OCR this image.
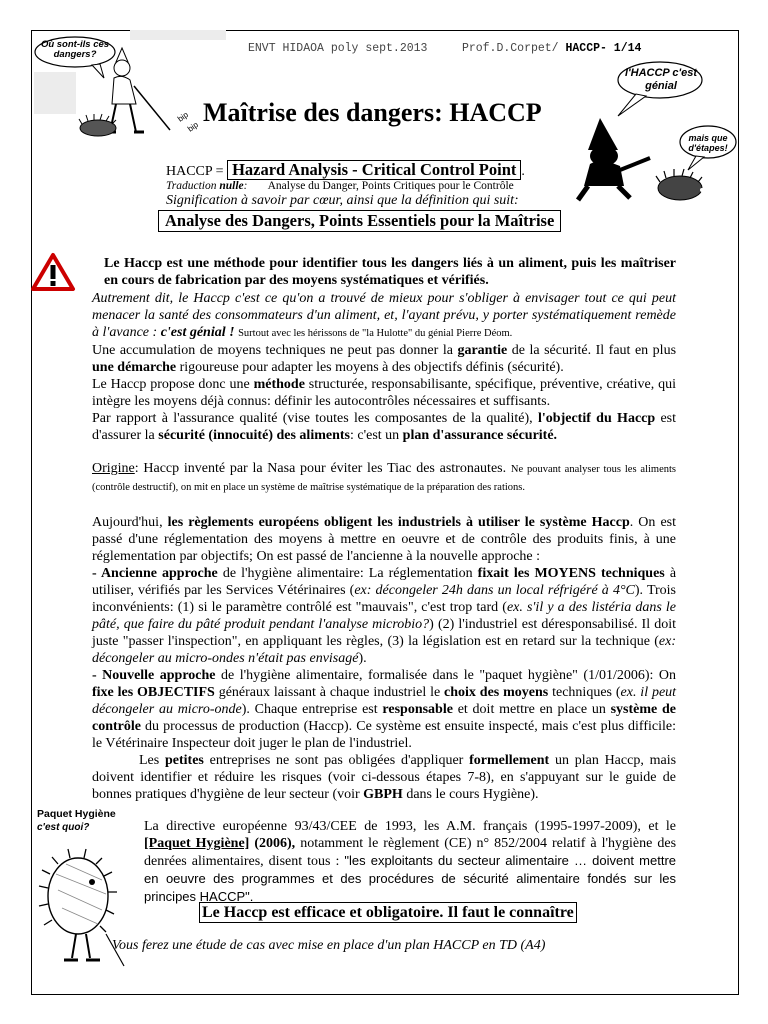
ENVT HIDAOA poly sept.2013	Prof.D.Corpet/ HACCP- 1/14
bip
bip
Où sont-ils ces dangers?
Maîtrise des dangers: HACCP
l'HACCP c'est génial
mais que d'étapes!
HACCP = Hazard Analysis - Critical Control Point .
Traduction nulle: Analyse du Danger, Points Critiques pour le Contrôle
Signification à savoir par cœur, ainsi que la définition qui suit:
Analyse des Dangers, Points Essentiels pour la Maîtrise
Le Haccp est une méthode pour identifier tous les dangers liés à un aliment, puis les maîtriser en cours de fabrication par des moyens systématiques et vérifiés.

Autrement dit, le Haccp c'est ce qu'on a trouvé de mieux pour s'obliger à envisager tout ce qui peut menacer la santé des consommateurs d'un aliment, et, l'ayant prévu, y porter systématiquement remède à l'avance : c'est génial ! Surtout avec les hérissons de "la Hulotte" du génial Pierre Déom.

Une accumulation de moyens techniques ne peut pas donner la garantie de la sécurité. Il faut en plus une démarche rigoureuse pour adapter les moyens à des objectifs définis (sécurité).

Le Haccp propose donc une méthode structurée, responsabilisante, spécifique, préventive, créative, qui intègre les moyens déjà connus: définir les autocontrôles nécessaires et suffisants.

Par rapport à l'assurance qualité (vise toutes les composantes de la qualité), l'objectif du Haccp est d'assurer la sécurité (innocuité) des aliments: c'est un plan d'assurance sécurité.

Origine: Haccp inventé par la Nasa pour éviter les Tiac des astronautes. Ne pouvant analyser tous les aliments (contrôle destructif), on mit en place un système de maîtrise systématique de la préparation des rations.

Aujourd'hui, les règlements européens obligent les industriels à utiliser le système Haccp. On est passé d'une réglementation des moyens à mettre en oeuvre et de contrôle des produits finis, à une réglementation par objectifs; On est passé de l'ancienne à la nouvelle approche :

- Ancienne approche de l'hygiène alimentaire: La réglementation fixait les MOYENS techniques à utiliser, vérifiés par les Services Vétérinaires (ex: décongeler 24h dans un local réfrigéré à 4°C). Trois inconvénients: (1) si le paramètre contrôlé est "mauvais", c'est trop tard (ex. s'il y a des listéria dans le pâté, que faire du pâté produit pendant l'analyse microbio?) (2) l'industriel est déresponsabilisé. Il doit juste "passer l'inspection", en appliquant les règles, (3) la législation est en retard sur la technique (ex: décongeler au micro-ondes n'était pas envisagé).

- Nouvelle approche de l'hygiène alimentaire, formalisée dans le "paquet hygiène" (1/01/2006): On fixe les OBJECTIFS généraux laissant à chaque industriel le choix des moyens techniques (ex. il peut décongeler au micro-onde). Chaque entreprise est responsable et doit mettre en place un système de contrôle du processus de production (Haccp). Ce système est ensuite inspecté, mais c'est plus difficile: le Vétérinaire Inspecteur doit juger le plan de l'industriel.

Les petites entreprises ne sont pas obligées d'appliquer formellement un plan Haccp, mais doivent identifier et réduire les risques (voir ci-dessous étapes 7-8), en s'appuyant sur le guide de bonnes pratiques d'hygiène de leur secteur (voir GBPH dans le cours Hygiène).

Paquet Hygiène
c'est quoi?	La directive européenne 93/43/CEE de 1993, les A.M. français (1995-1997-2009), et le [Paquet Hygiène] (2006), notamment le règlement (CE) n° 852/2004 relatif à l'hygiène des denrées alimentaires, disent tous : "les exploitants du secteur alimentaire … doivent mettre en oeuvre des programmes et des procédures de sécurité alimentaire fondés sur les principes HACCP".

Le Haccp est efficace et obligatoire. Il faut le connaître
Vous ferez une étude de cas avec mise en place d'un plan HACCP en TD (A4)
